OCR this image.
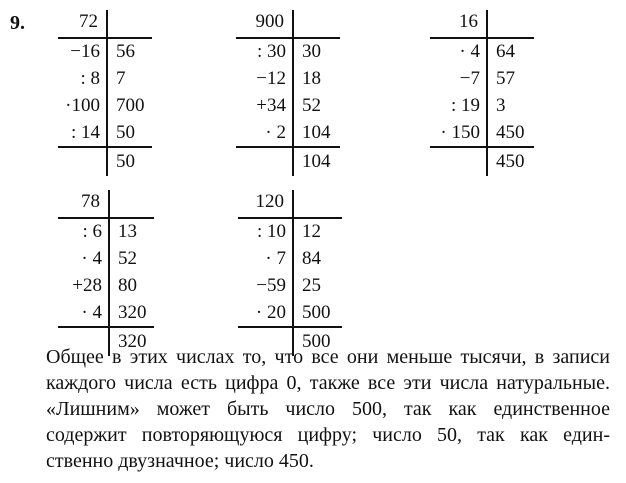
9.	72
−16 56
: 8 7
·100 700
: 14 50
50
900
: 30 30
−12 18
+34 52
· 2 104
104
16
· 4 64
−7 57
: 19 3
· 150 450
450
78
: 6 13
· 4 52
+28 80
· 4 320
320
120
: 10 12
· 7 84
−59 25
· 20 500
500
Общее в этих числах то, что все они меньше тысячи, в записи
каждого числа есть цифра 0, также все эти числа натуральные.
«Лишним» может быть число 500, так как единственное
содержит повторяющуюся цифру; число 50, так как един-
ственно двузначное; число 450.
